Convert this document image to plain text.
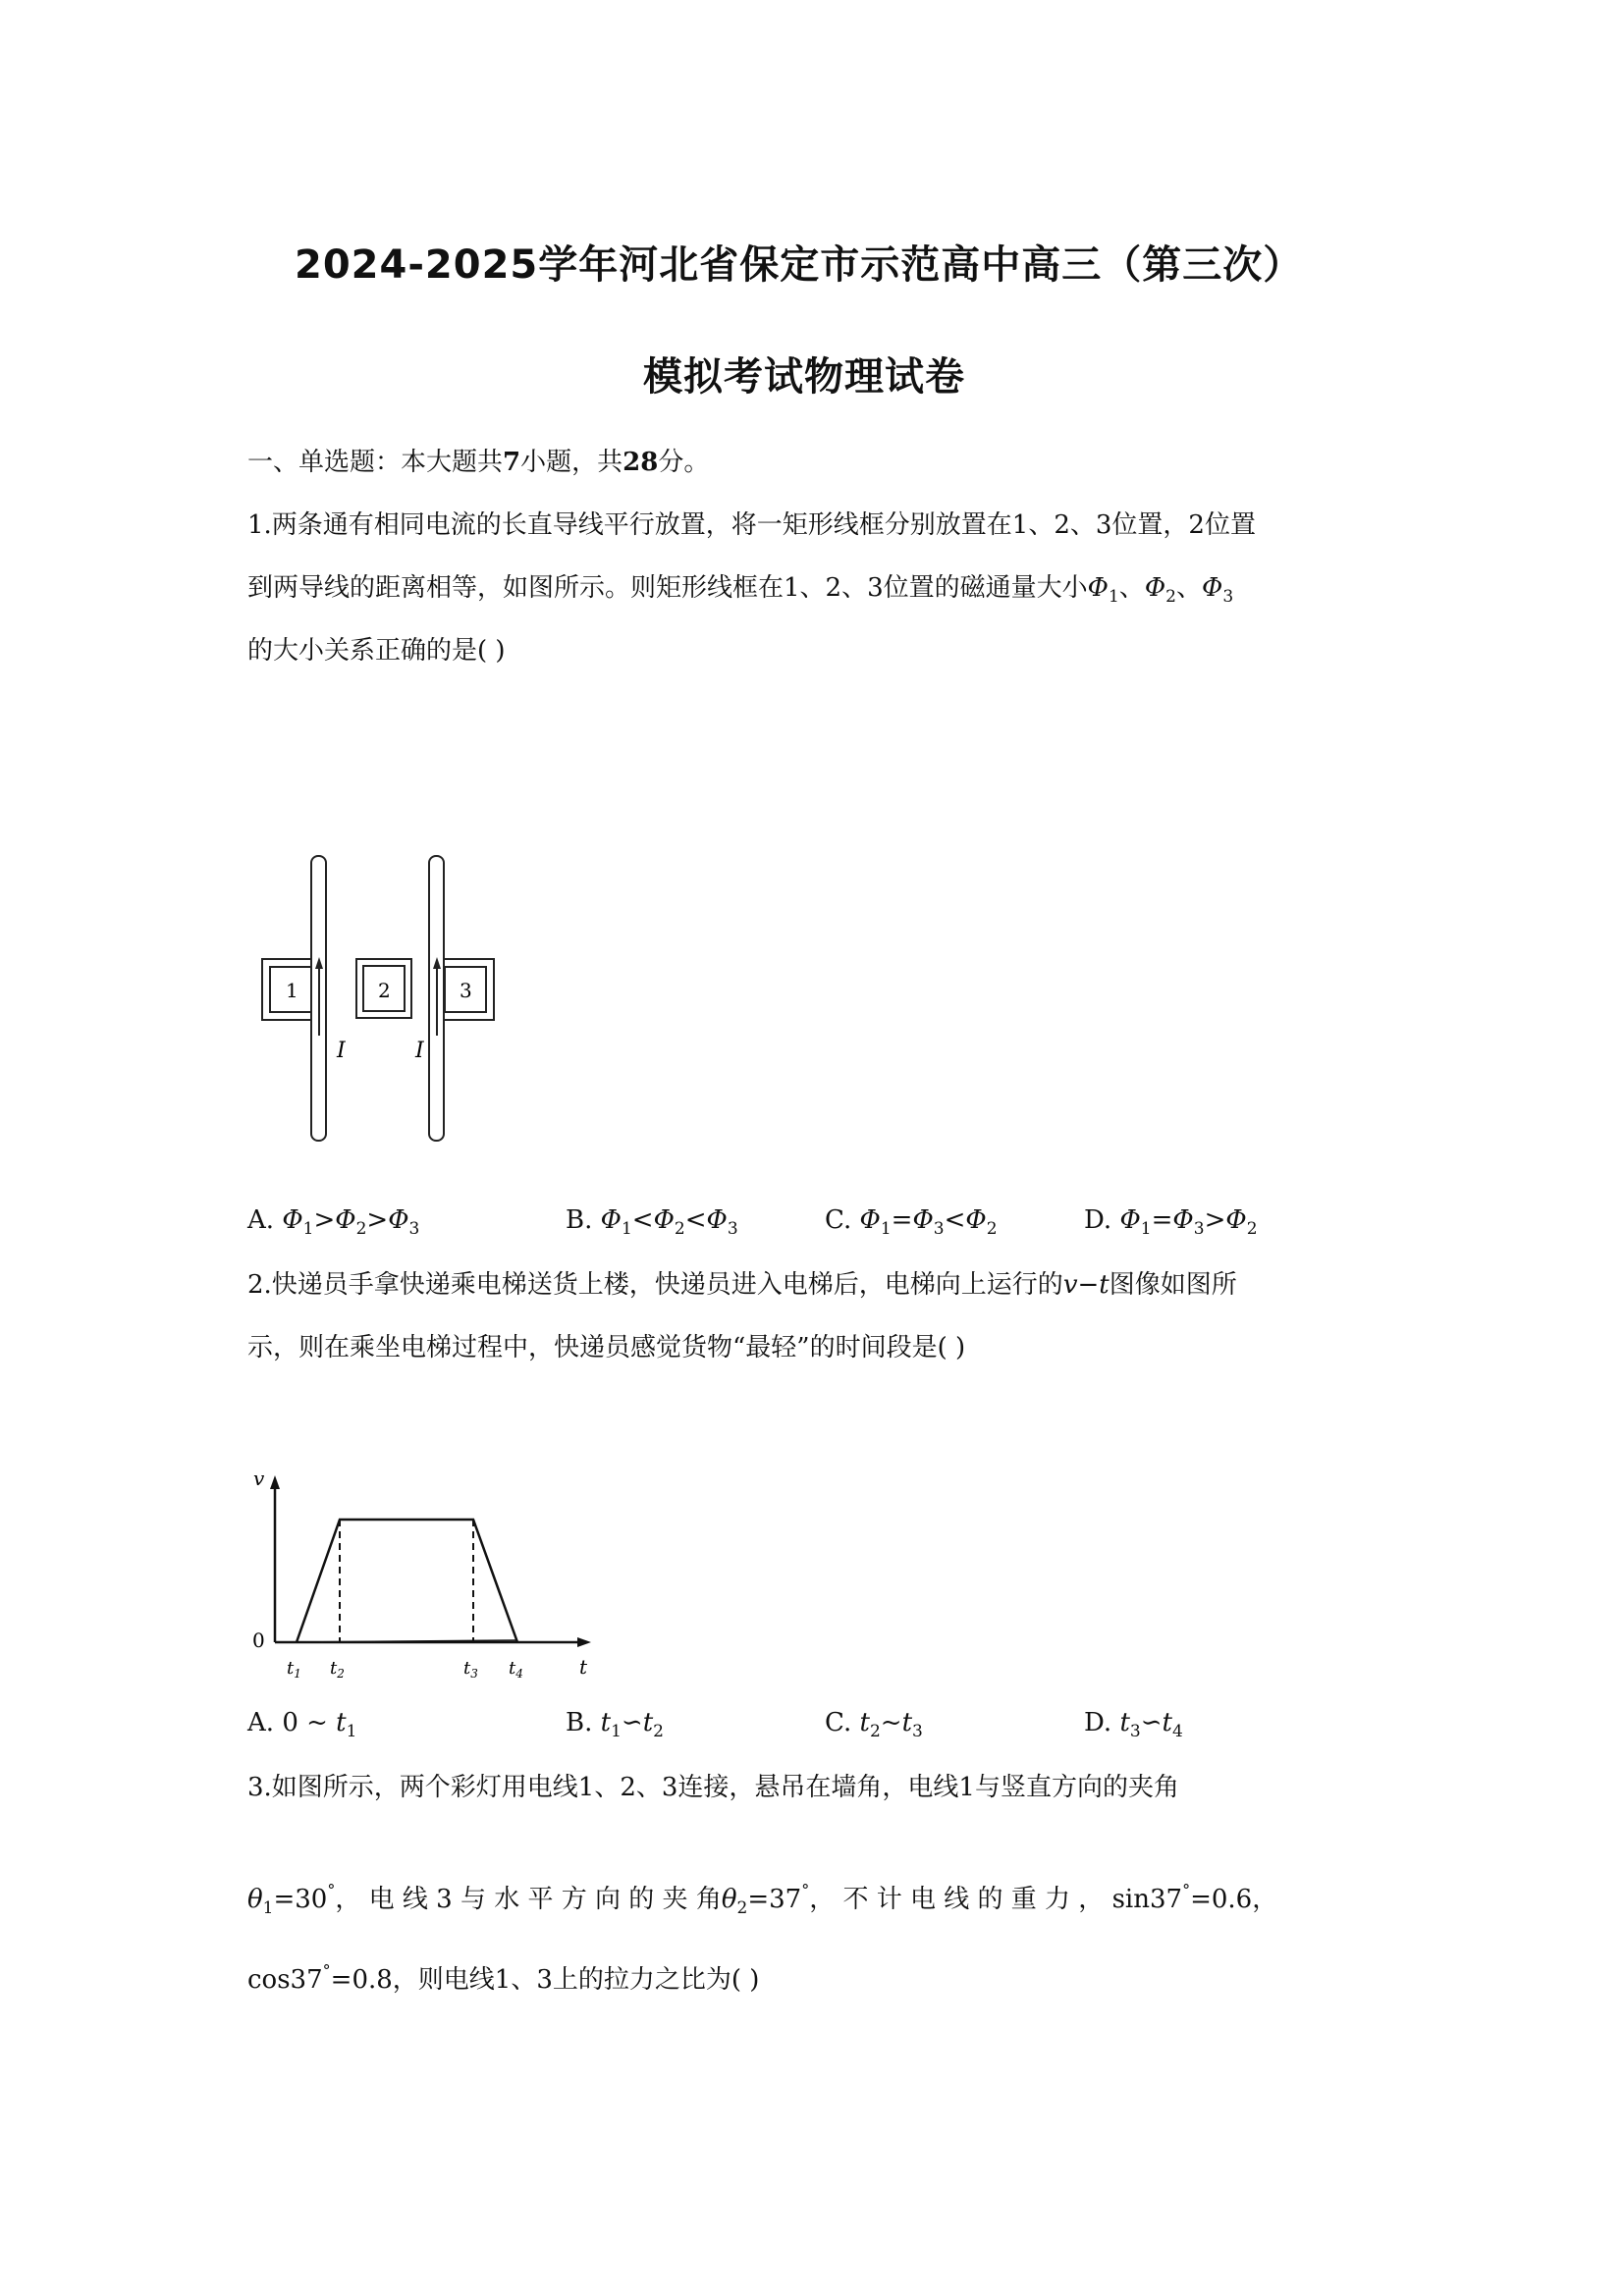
2024-2025学年河北省保定市示范高中高三（第三次）
模拟考试物理试卷
一、单选题：本大题共7小题，共28分。
1.两条通有相同电流的长直导线平行放置，将一矩形线框分别放置在1、2、3位置，2位置
到两导线的距离相等，如图所示。则矩形线框在1、2、3位置的磁通量大小$\Phi_1$、$\Phi_2$、$\Phi_3$
的大小关系正确的是( )
1	2	3
I	I
A. $\Phi_1>\Phi_2>\Phi_3$	B. $\Phi_1<\Phi_2<\Phi_3$	C. $\Phi_1=\Phi_3<\Phi_2$	D. $\Phi_1=\Phi_3>\Phi_2$
2.快递员手拿快递乘电梯送货上楼，快递员进入电梯后，电梯向上运行的v−t图像如图所
示，则在乘坐电梯过程中，快递员感觉货物“最轻”的时间段是( )
v
0
t
$t_1$ $t_2$	$t_3$ $t_4$
A. 0 ~ $t_1$	B. $t_1∽t_2$	C. $t_2\sim t_3$	D. $t_3∽t_4$
3.如图所示，两个彩灯用电线1、2、3连接，悬吊在墙角，电线1与竖直方向的夹角
$\theta_1=30^\circ$， 电 线 3 与 水 平 方 向 的 夹 角$\theta_2=37^\circ$， 不 计 电 线 的 重 力 ， sin37°=0.6，
cos37°=0.8，则电线1、3上的拉力之比为( )
